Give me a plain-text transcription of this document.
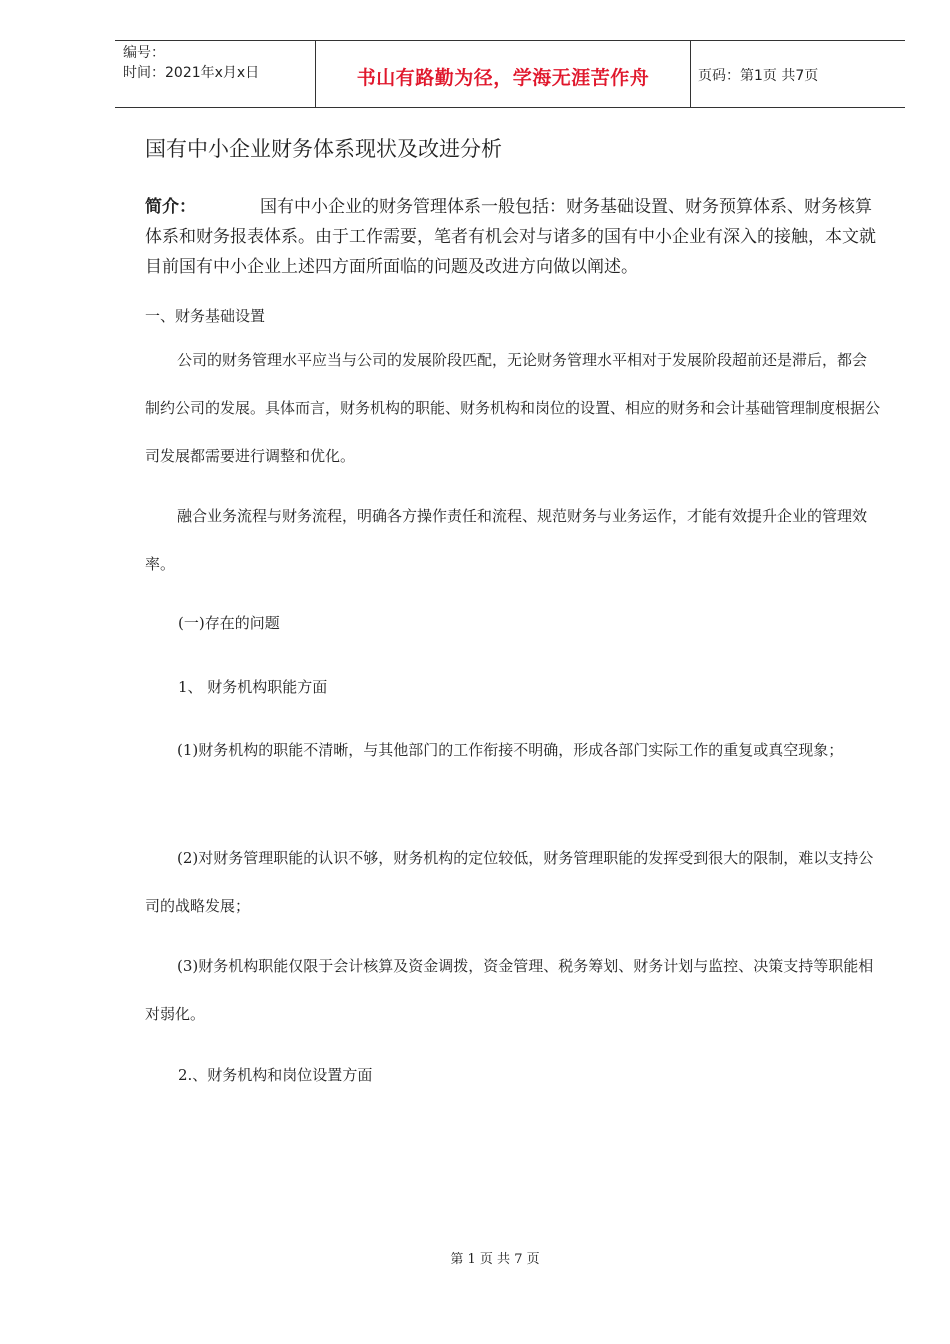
编号：
时间：2021年x月x日	书山有路勤为径，学海无涯苦作舟	页码：第1页 共7页
国有中小企业财务体系现状及改进分析
简介：	国有中小企业的财务管理体系一般包括：财务基础设置、财务预算体系、财务核算体系和财务报表体系。由于工作需要，笔者有机会对与诸多的国有中小企业有深入的接触，本文就目前国有中小企业上述四方面所面临的问题及改进方向做以阐述。

一、财务基础设置

公司的财务管理水平应当与公司的发展阶段匹配，无论财务管理水平相对于发展阶段超前还是滞后，都会制约公司的发展。具体而言，财务机构的职能、财务机构和岗位的设置、相应的财务和会计基础管理制度根据公司发展都需要进行调整和优化。

融合业务流程与财务流程，明确各方操作责任和流程、规范财务与业务运作，才能有效提升企业的管理效率。

(一)存在的问题

1、 财务机构职能方面

(1)财务机构的职能不清晰，与其他部门的工作衔接不明确，形成各部门实际工作的重复或真空现象；

(2)对财务管理职能的认识不够，财务机构的定位较低，财务管理职能的发挥受到很大的限制，难以支持公司的战略发展；

(3)财务机构职能仅限于会计核算及资金调拨，资金管理、税务筹划、财务计划与监控、决策支持等职能相对弱化。

2.、财务机构和岗位设置方面

第 1 页 共 7 页
